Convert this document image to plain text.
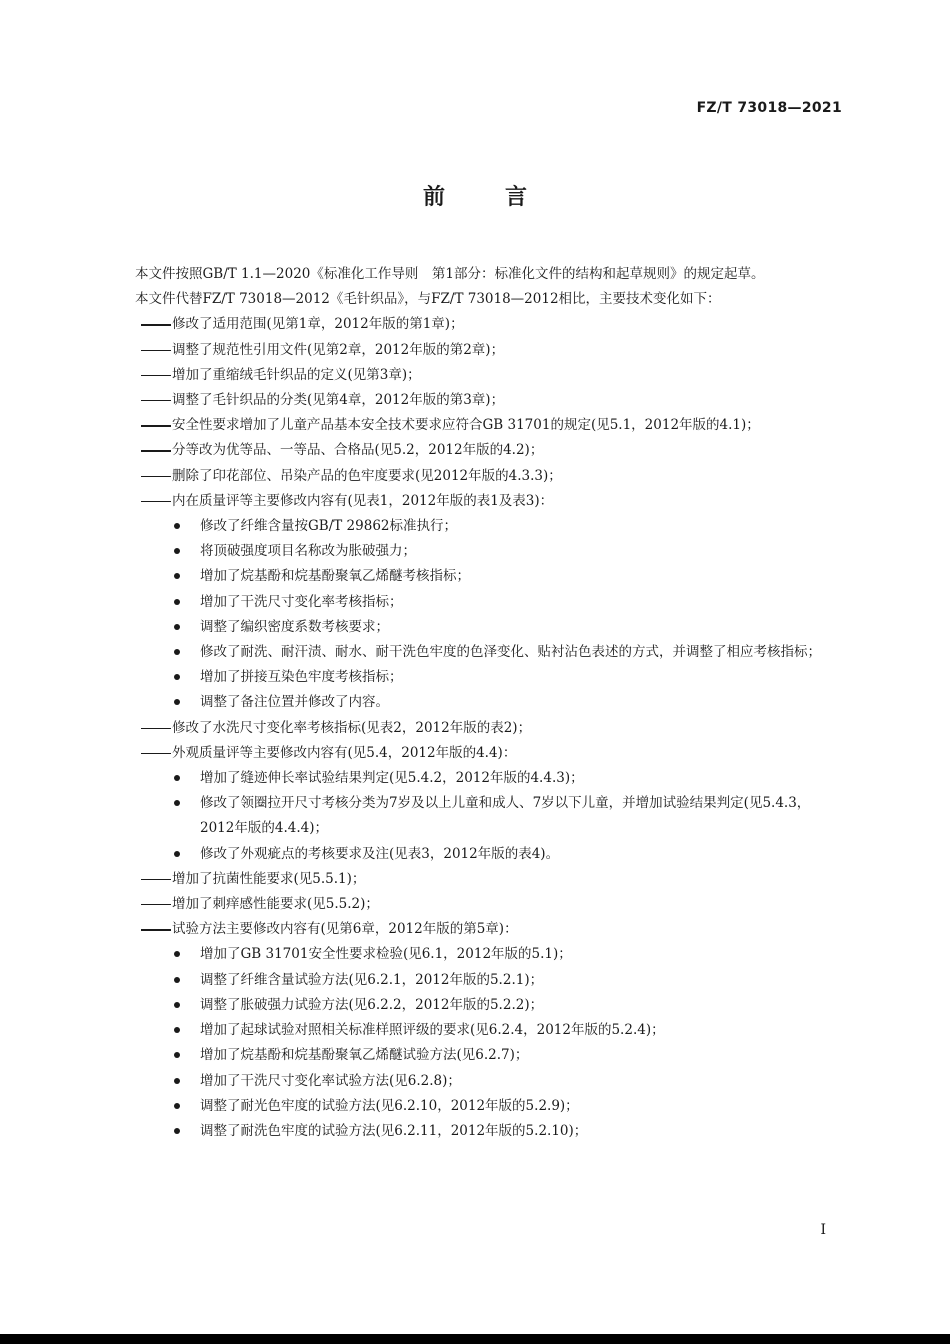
FZ/T 73018—2021
前言

本文件按照GB/T 1.1—2020《标准化工作导则　第1部分：标准化文件的结构和起草规则》的规定起草。

本文件代替FZ/T 73018—2012《毛针织品》，与FZ/T 73018—2012相比，主要技术变化如下：

修改了适用范围(见第1章，2012年版的第1章)；

调整了规范性引用文件(见第2章，2012年版的第2章)；

增加了重缩绒毛针织品的定义(见第3章)；

调整了毛针织品的分类(见第4章，2012年版的第3章)；

安全性要求增加了儿童产品基本安全技术要求应符合GB 31701的规定(见5.1，2012年版的4.1)；

分等改为优等品、一等品、合格品(见5.2，2012年版的4.2)；

删除了印花部位、吊染产品的色牢度要求(见2012年版的4.3.3)；

内在质量评等主要修改内容有(见表1，2012年版的表1及表3)：

修改了纤维含量按GB/T 29862标准执行；

将顶破强度项目名称改为胀破强力；

增加了烷基酚和烷基酚聚氧乙烯醚考核指标；

增加了干洗尺寸变化率考核指标；

调整了编织密度系数考核要求；

修改了耐洗、耐汗渍、耐水、耐干洗色牢度的色泽变化、贴衬沾色表述的方式，并调整了相应考核指标；

增加了拼接互染色牢度考核指标；

调整了备注位置并修改了内容。

修改了水洗尺寸变化率考核指标(见表2，2012年版的表2)；

外观质量评等主要修改内容有(见5.4，2012年版的4.4)：

增加了缝迹伸长率试验结果判定(见5.4.2，2012年版的4.4.3)；

修改了领圈拉开尺寸考核分类为7岁及以上儿童和成人、7岁以下儿童，并增加试验结果判定(见5.4.3，2012年版的4.4.4)；

修改了外观疵点的考核要求及注(见表3，2012年版的表4)。

增加了抗菌性能要求(见5.5.1)；

增加了刺痒感性能要求(见5.5.2)；

试验方法主要修改内容有(见第6章，2012年版的第5章)：

增加了GB 31701安全性要求检验(见6.1，2012年版的5.1)；

调整了纤维含量试验方法(见6.2.1，2012年版的5.2.1)；

调整了胀破强力试验方法(见6.2.2，2012年版的5.2.2)；

增加了起球试验对照相关标准样照评级的要求(见6.2.4，2012年版的5.2.4)；

增加了烷基酚和烷基酚聚氧乙烯醚试验方法(见6.2.7)；

增加了干洗尺寸变化率试验方法(见6.2.8)；

调整了耐光色牢度的试验方法(见6.2.10，2012年版的5.2.9)；

调整了耐洗色牢度的试验方法(见6.2.11，2012年版的5.2.10)；

I
